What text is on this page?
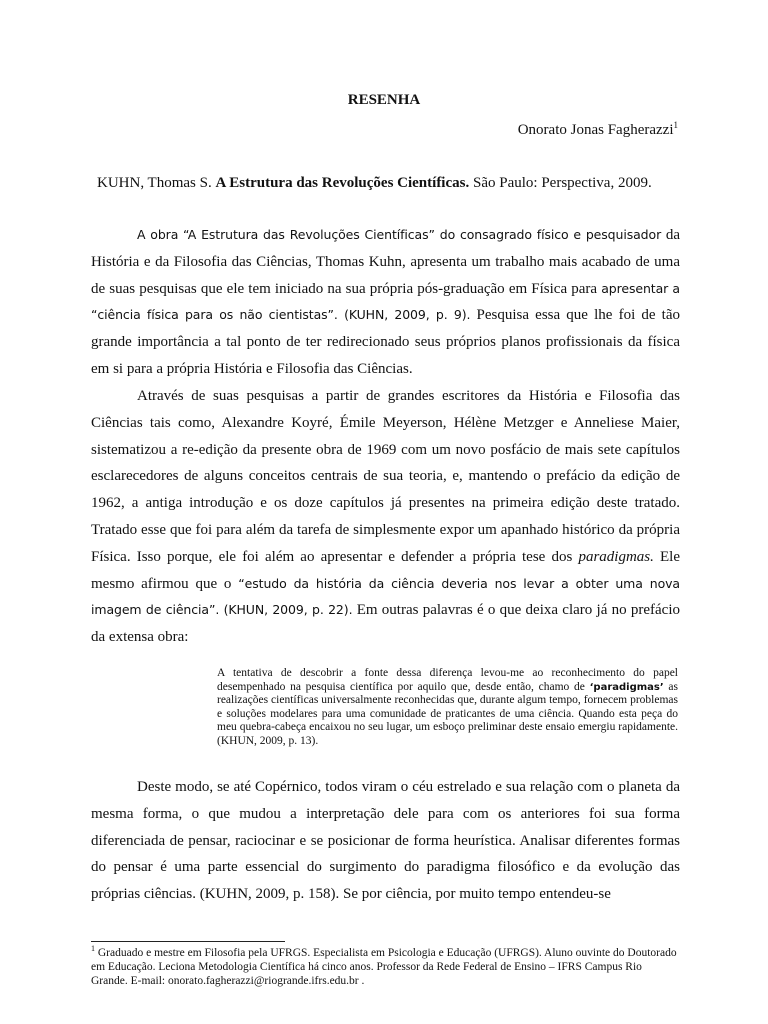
RESENHA

Onorato Jonas Fagherazzi$^1$

KUHN, Thomas S. A Estrutura das Revoluções Científicas. São Paulo: Perspectiva, 2009.

A obra “A Estrutura das Revoluções Científicas” do consagrado físico e pesquisador da História e da Filosofia das Ciências, Thomas Kuhn, apresenta um trabalho mais acabado de uma de suas pesquisas que ele tem iniciado na sua própria pós-graduação em Física para apresentar a “ciência física para os não cientistas”. (KUHN, 2009, p. 9). Pesquisa essa que lhe foi de tão grande importância a tal ponto de ter redirecionado seus próprios planos profissionais da física em si para a própria História e Filosofia das Ciências.

Através de suas pesquisas a partir de grandes escritores da História e Filosofia das Ciências tais como, Alexandre Koyré, Émile Meyerson, Hélène Metzger e Anneliese Maier, sistematizou a re-edição da presente obra de 1969 com um novo posfácio de mais sete capítulos esclarecedores de alguns conceitos centrais de sua teoria, e, mantendo o prefácio da edição de 1962, a antiga introdução e os doze capítulos já presentes na primeira edição deste tratado. Tratado esse que foi para além da tarefa de simplesmente expor um apanhado histórico da própria Física. Isso porque, ele foi além ao apresentar e defender a própria tese dos paradigmas. Ele mesmo afirmou que o “estudo da história da ciência deveria nos levar a obter uma nova imagem de ciência”. (KHUN, 2009, p. 22). Em outras palavras é o que deixa claro já no prefácio da extensa obra:

A tentativa de descobrir a fonte dessa diferença levou-me ao reconhecimento do papel desempenhado na pesquisa científica por aquilo que, desde então, chamo de ‘paradigmas’ as realizações científicas universalmente reconhecidas que, durante algum tempo, fornecem problemas e soluções modelares para uma comunidade de praticantes de uma ciência. Quando esta peça do meu quebra-cabeça encaixou no seu lugar, um esboço preliminar deste ensaio emergiu rapidamente. (KHUN, 2009, p. 13).

Deste modo, se até Copérnico, todos viram o céu estrelado e sua relação com o planeta da mesma forma, o que mudou a interpretação dele para com os anteriores foi sua forma diferenciada de pensar, raciocinar e se posicionar de forma heurística. Analisar diferentes formas do pensar é uma parte essencial do surgimento do paradigma filosófico e da evolução das próprias ciências. (KUHN, 2009, p. 158). Se por ciência, por muito tempo entendeu-se

$^1$ Graduado e mestre em Filosofia pela UFRGS. Especialista em Psicologia e Educação (UFRGS). Aluno ouvinte do Doutorado em Educação. Leciona Metodologia Científica há cinco anos. Professor da Rede Federal de Ensino – IFRS Campus Rio Grande. E-mail: onorato.fagherazzi@riogrande.ifrs.edu.br .
